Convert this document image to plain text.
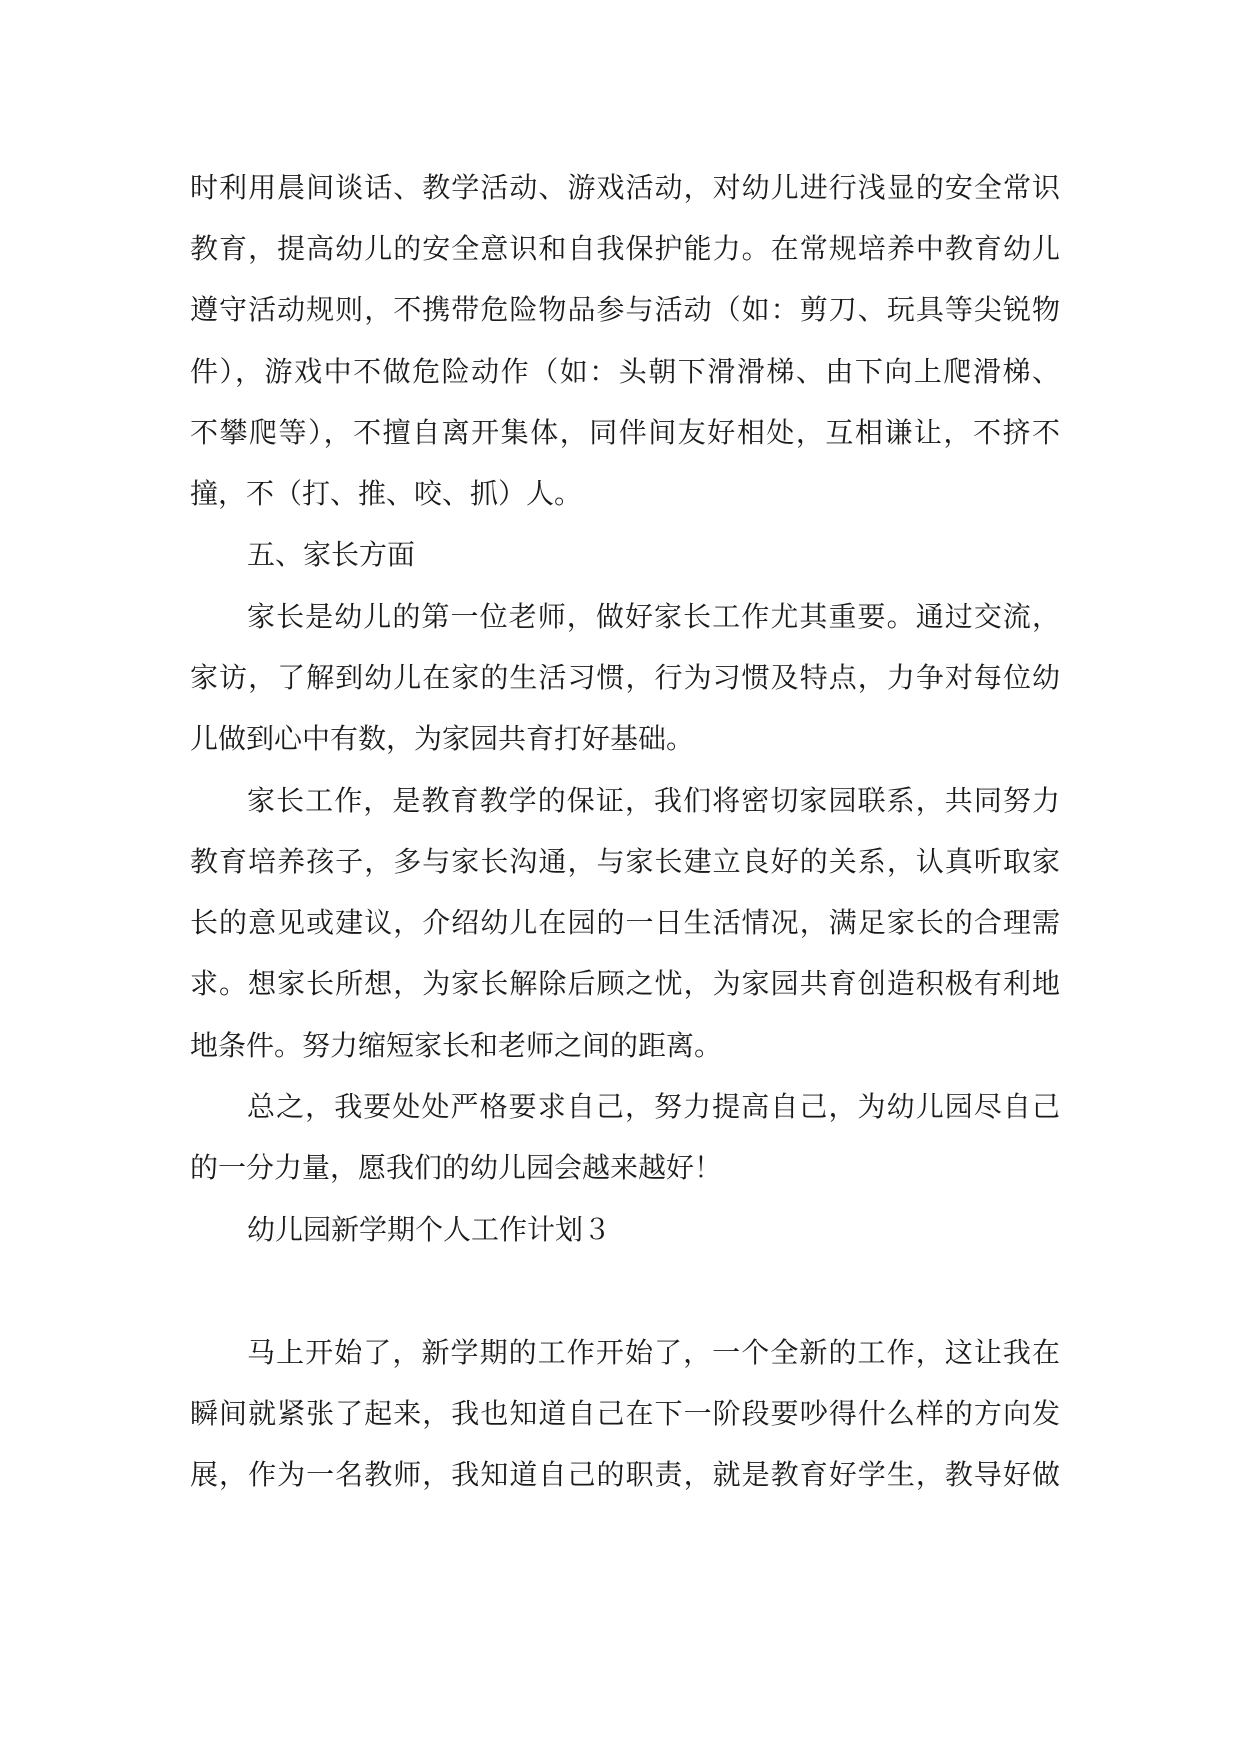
时利用晨间谈话、教学活动、游戏活动，对幼儿进行浅显的安全常识
教育，提高幼儿的安全意识和自我保护能力。在常规培养中教育幼儿
遵守活动规则，不携带危险物品参与活动（如：剪刀、玩具等尖锐物
件），游戏中不做危险动作（如：头朝下滑滑梯、由下向上爬滑梯、
不攀爬等），不擅自离开集体，同伴间友好相处，互相谦让，不挤不
撞，不（打、推、咬、抓）人。
五、家长方面
家长是幼儿的第一位老师，做好家长工作尤其重要。通过交流，
家访，了解到幼儿在家的生活习惯，行为习惯及特点，力争对每位幼
儿做到心中有数，为家园共育打好基础。
家长工作，是教育教学的保证，我们将密切家园联系，共同努力
教育培养孩子，多与家长沟通，与家长建立良好的关系，认真听取家
长的意见或建议，介绍幼儿在园的一日生活情况，满足家长的合理需
求。想家长所想，为家长解除后顾之忧，为家园共育创造积极有利地
地条件。努力缩短家长和老师之间的距离。
总之，我要处处严格要求自己，努力提高自己，为幼儿园尽自己
的一分力量，愿我们的幼儿园会越来越好！
幼儿园新学期个人工作计划３
马上开始了，新学期的工作开始了，一个全新的工作，这让我在
瞬间就紧张了起来，我也知道自己在下一阶段要吵得什么样的方向发
展，作为一名教师，我知道自己的职责，就是教育好学生，教导好做
